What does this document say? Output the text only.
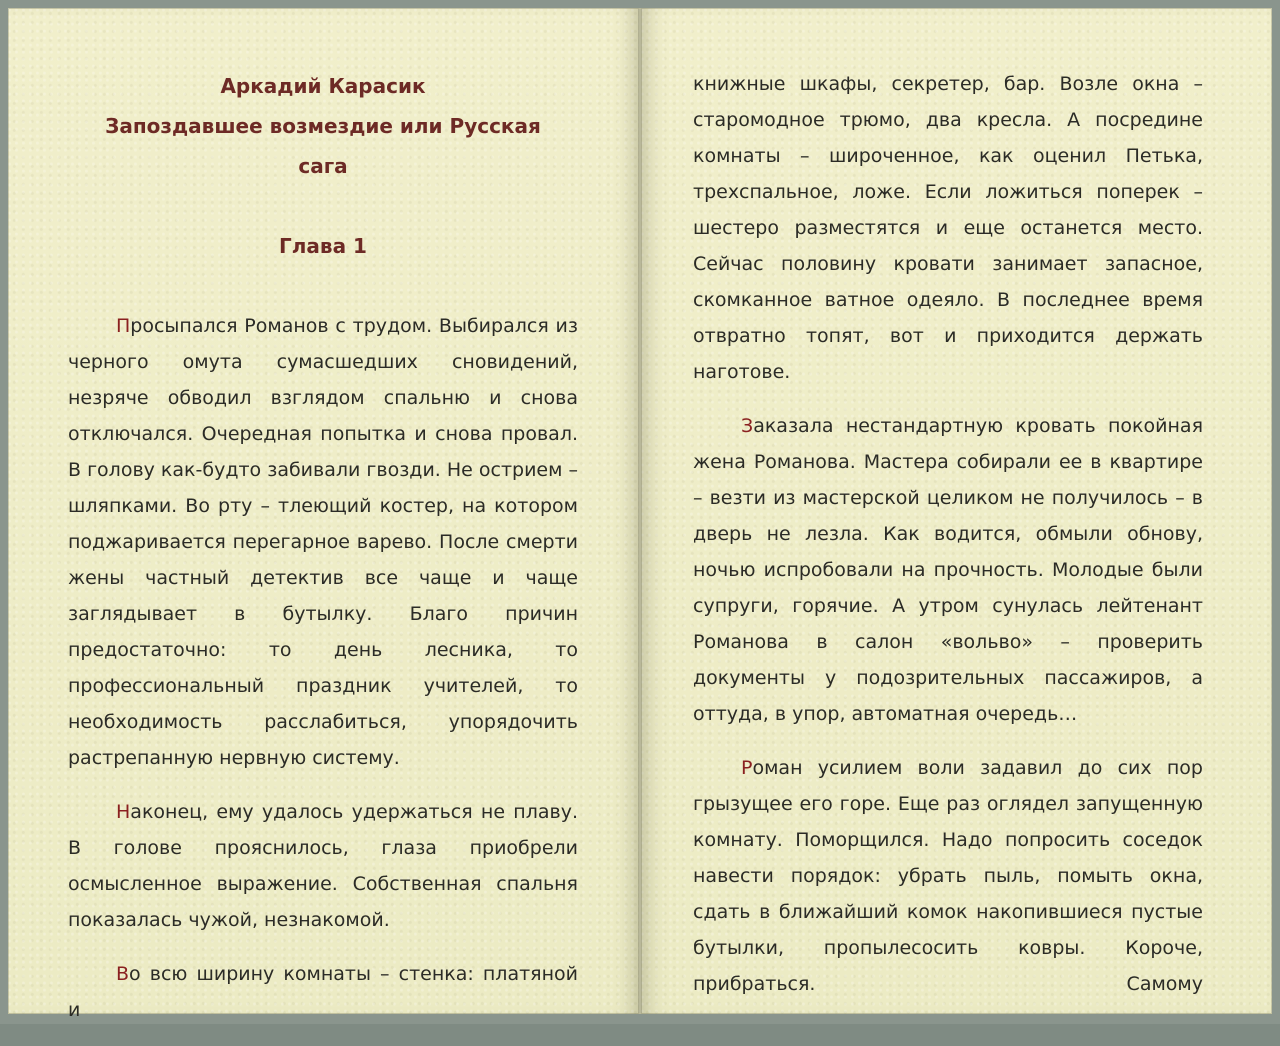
Аркадий Карасик

Запоздавшее возмездие или Русская

сага

Глава 1

Просыпался Романов с трудом. Выбирался из черного омута сумасшедших сновидений, незряче обводил взглядом спальню и снова отключался. Очередная попытка и снова провал. В голову как-будто забивали гвозди. Не острием – шляпками. Во рту – тлеющий костер, на котором поджаривается перегарное варево. После смерти жены частный детектив все чаще и чаще заглядывает в бутылку. Благо причин предостаточно: то день лесника, то профессиональный праздник учителей, то необходимость расслабиться, упорядочить растрепанную нервную систему.

Наконец, ему удалось удержаться не плаву. В голове прояснилось, глаза приобрели осмысленное выражение. Собственная спальня показалась чужой, незнакомой.

Во всю ширину комнаты – стенка: платяной и

книжные шкафы, секретер, бар. Возле окна – старомодное трюмо, два кресла. А посредине комнаты – широченное, как оценил Петька, трехспальное, ложе. Если ложиться поперек – шестеро разместятся и еще останется место. Сейчас половину кровати занимает запасное, скомканное ватное одеяло. В последнее время отвратно топят, вот и приходится держать наготове.

Заказала нестандартную кровать покойная жена Романова. Мастера собирали ее в квартире – везти из мастерской целиком не получилось – в дверь не лезла. Как водится, обмыли обнову, ночью испробовали на прочность. Молодые были супруги, горячие. А утром сунулась лейтенант Романова в салон «вольво» – проверить документы у подозрительных пассажиров, а оттуда, в упор, автоматная очередь…

Роман усилием воли задавил до сих пор грызущее его горе. Еще раз оглядел запущенную комнату. Поморщился. Надо попросить соседок навести порядок: убрать пыль, помыть окна, сдать в ближайший комок накопившиеся пустые бутылки, пропылесосить ковры. Короче, прибраться. Самому
